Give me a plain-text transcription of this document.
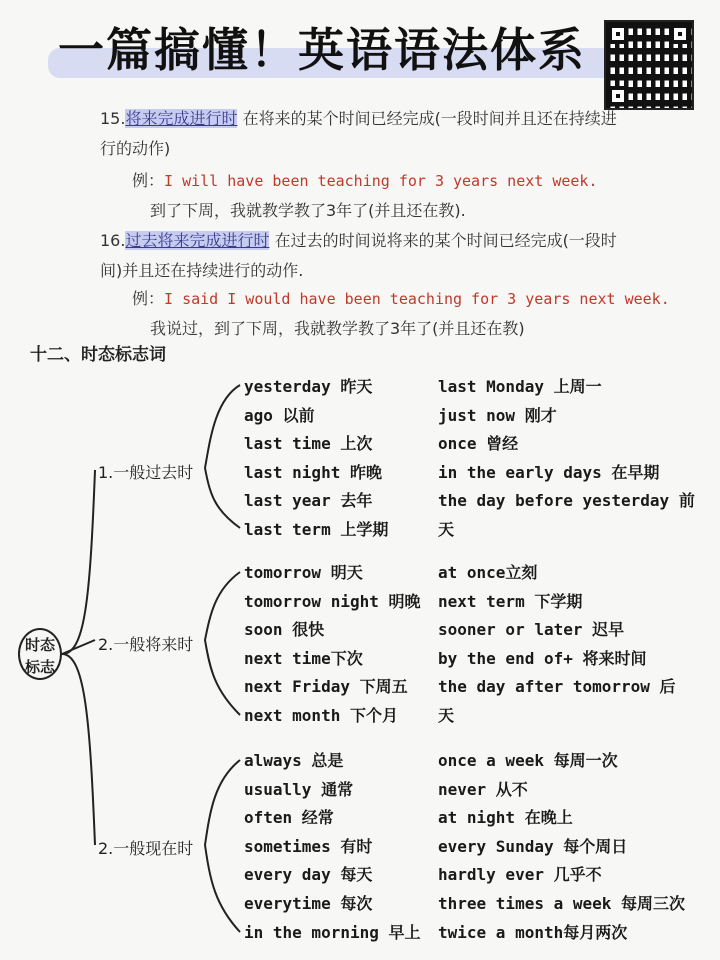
一篇搞懂！英语语法体系
15.将来完成进行时 在将来的某个时间已经完成(一段时间并且还在持续进
行的动作)
例：I will have been teaching for 3 years next week.
到了下周，我就教学教了3年了(并且还在教).
16.过去将来完成进行时 在过去的时间说将来的某个时间已经完成(一段时
间)并且还在持续进行的动作.
例：I said I would have been teaching for 3 years next week.
我说过，到了下周，我就教学教了3年了(并且还在教)
十二、时态标志词
时态
标志
1.一般过去时
2.一般将来时
2.一般现在时
yesterday 昨天
ago 以前
last time 上次
last night 昨晚
last year 去年
last term 上学期
last Monday 上周一
just now 刚才
once 曾经
in the early days 在早期
the day before yesterday 前
天
tomorrow 明天
tomorrow night 明晚
soon 很快
next time下次
next Friday 下周五
next month 下个月
at once立刻
next term 下学期
sooner or later 迟早
by the end of+ 将来时间
the day after tomorrow 后
天
always 总是
usually 通常
often 经常
sometimes 有时
every day 每天
everytime 每次
in the morning 早上
once a week 每周一次
never 从不
at night 在晚上
every Sunday 每个周日
hardly ever 几乎不
three times a week 每周三次
twice a month每月两次
